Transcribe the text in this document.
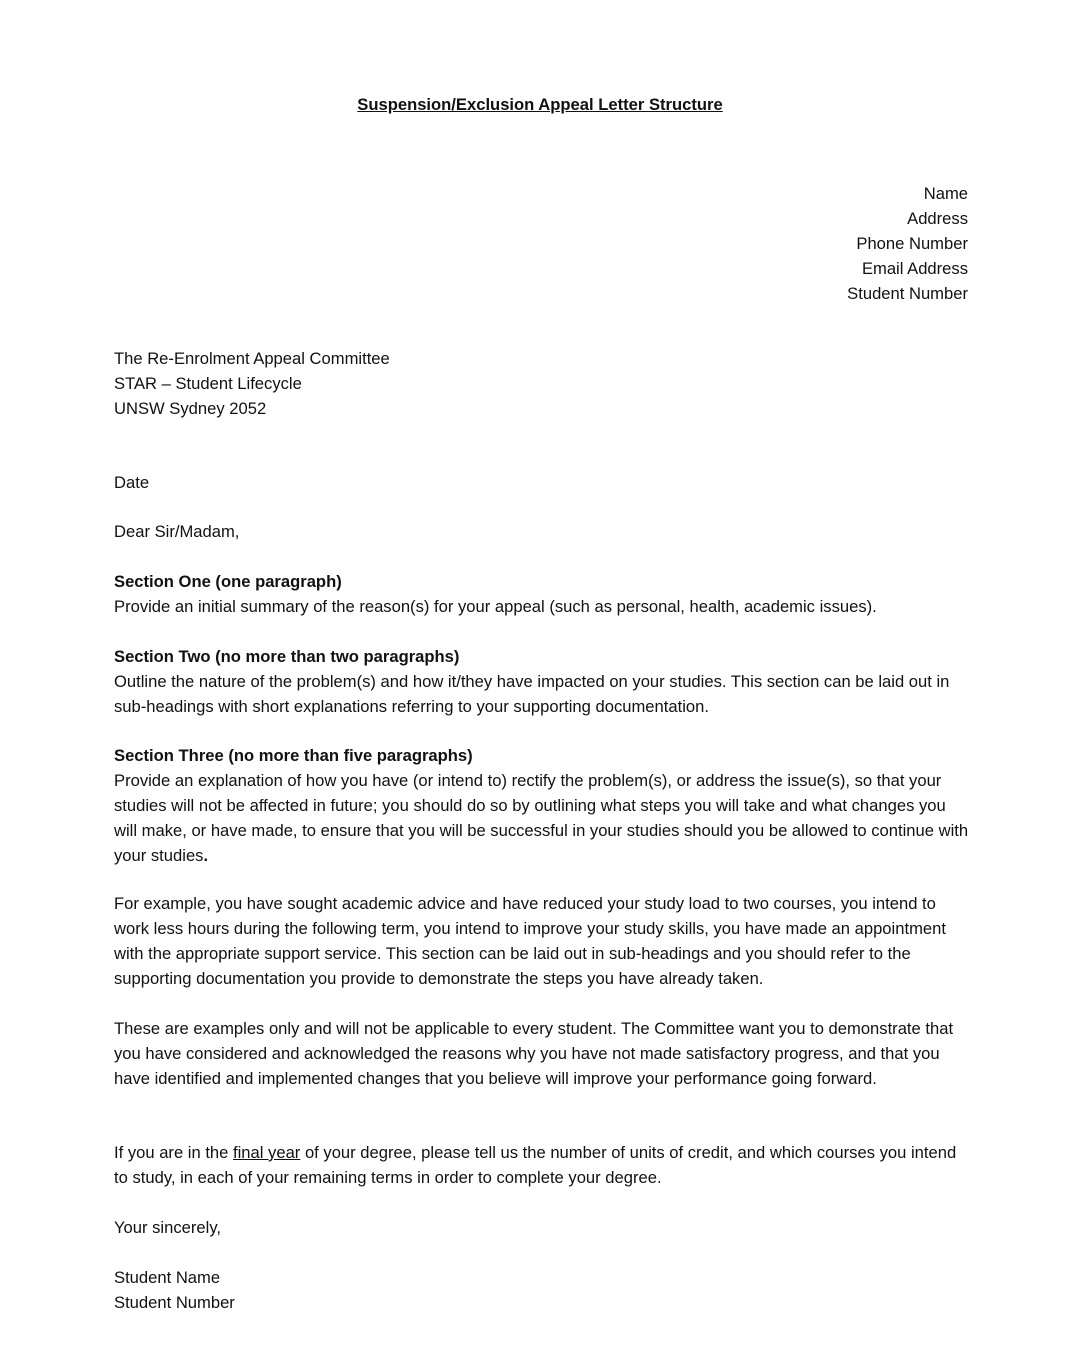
Suspension/Exclusion Appeal Letter Structure
Name
Address
Phone Number
Email Address
Student Number
The Re-Enrolment Appeal Committee
STAR – Student Lifecycle
UNSW Sydney 2052
Date
Dear Sir/Madam,
Section One (one paragraph)

Provide an initial summary of the reason(s) for your appeal (such as personal, health, academic issues).

Section Two (no more than two paragraphs)

Outline the nature of the problem(s) and how it/they have impacted on your studies. This section can be laid out in sub-headings with short explanations referring to your supporting documentation.

Section Three (no more than five paragraphs)

Provide an explanation of how you have (or intend to) rectify the problem(s), or address the issue(s), so that your studies will not be affected in future; you should do so by outlining what steps you will take and what changes you will make, or have made, to ensure that you will be successful in your studies should you be allowed to continue with your studies.

For example, you have sought academic advice and have reduced your study load to two courses, you intend to work less hours during the following term, you intend to improve your study skills, you have made an appointment with the appropriate support service. This section can be laid out in sub-headings and you should refer to the supporting documentation you provide to demonstrate the steps you have already taken.

These are examples only and will not be applicable to every student. The Committee want you to demonstrate that you have considered and acknowledged the reasons why you have not made satisfactory progress, and that you have identified and implemented changes that you believe will improve your performance going forward.

If you are in the final year of your degree, please tell us the number of units of credit, and which courses you intend to study, in each of your remaining terms in order to complete your degree.

Your sincerely,
Student Name
Student Number
